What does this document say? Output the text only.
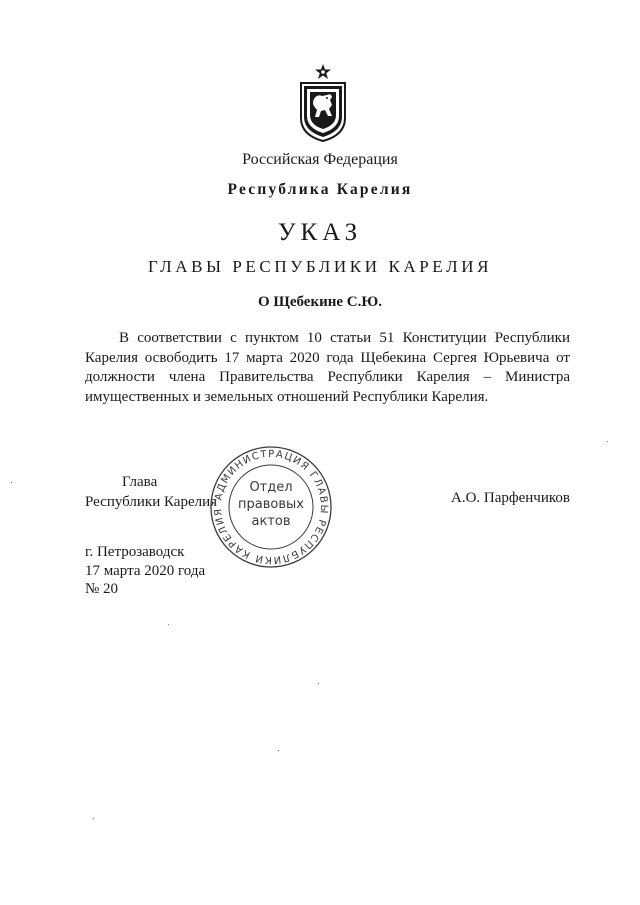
Российская Федерация
Республика Карелия
УКАЗ
ГЛАВЫ РЕСПУБЛИКИ КАРЕЛИЯ
О Щебекине С.Ю.

В соответствии с пунктом 10 статьи 51 Конституции Республики Карелия освободить 17 марта 2020 года Щебекина Сергея Юрьевича от должности члена Правительства Республики Карелия – Министра имущественных и земельных отношений Республики Карелия.

Глава
Республики Карелия
АДМИНИСТРАЦИЯ ГЛАВЫ РЕСПУБЛИКИ КАРЕЛИЯ
Отдел правовых актов
А.О. Парфенчиков
г. Петрозаводск
17 марта 2020 года
№ 20
